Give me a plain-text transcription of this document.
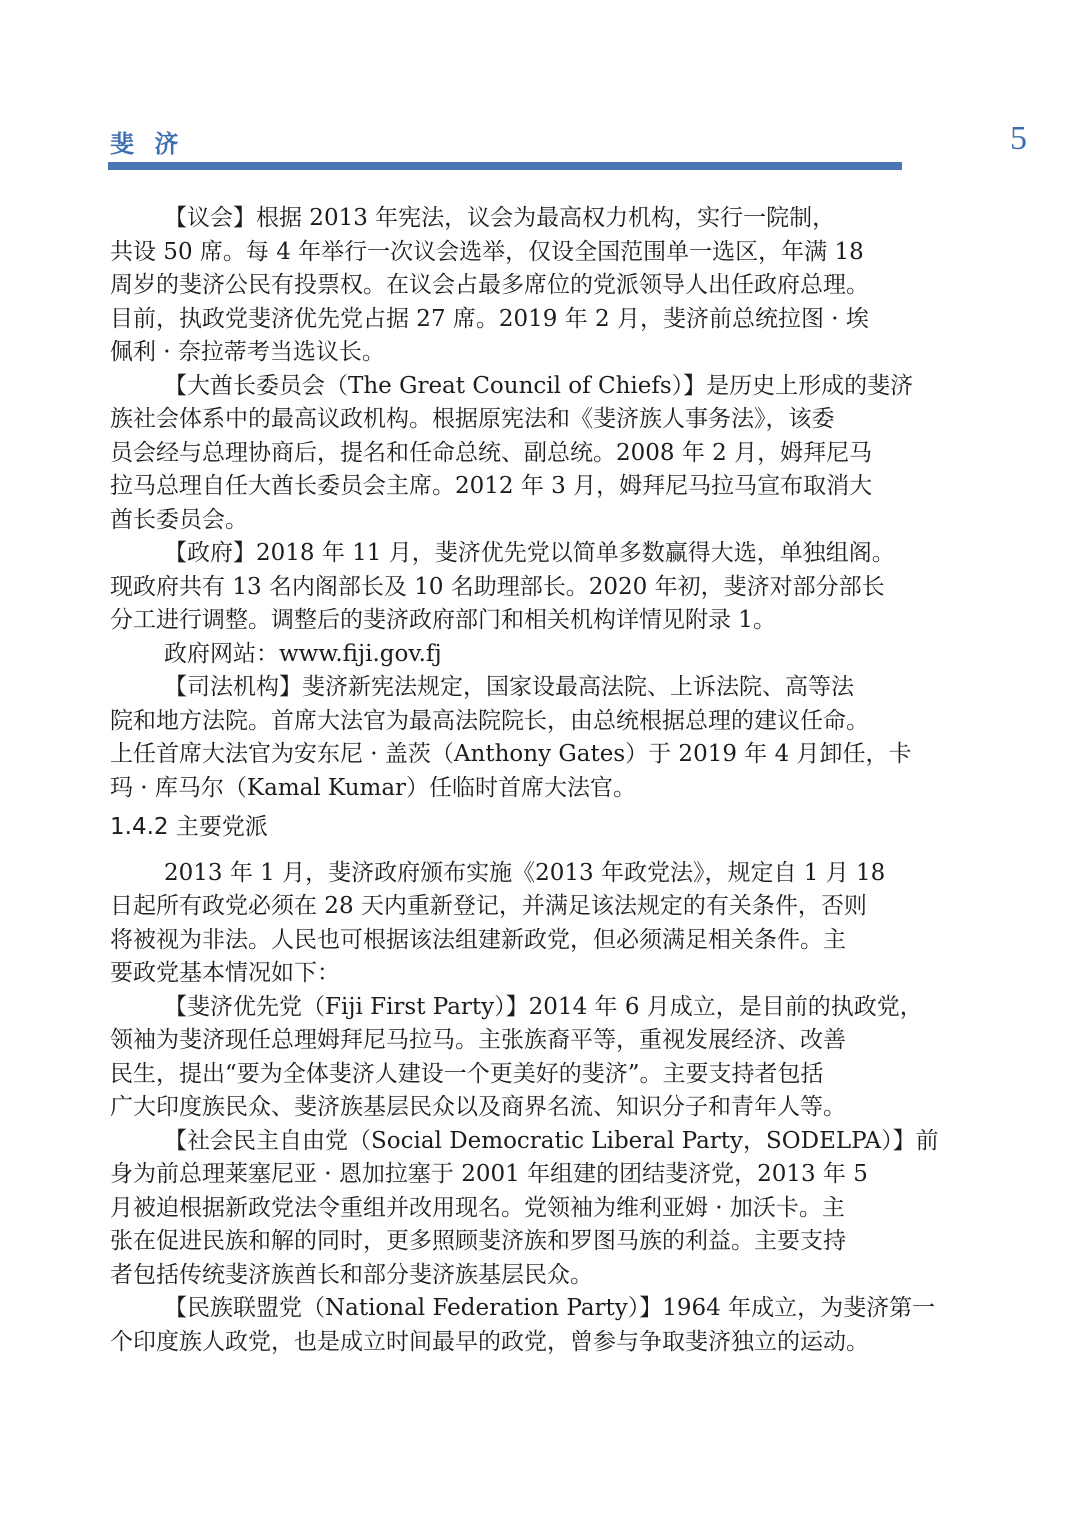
斐 济	5
【议会】根据 2013 年宪法，议会为最高权力机构，实行一院制，
共设 50 席。每 4 年举行一次议会选举，仅设全国范围单一选区，年满 18
周岁的斐济公民有投票权。在议会占最多席位的党派领导人出任政府总理。
目前，执政党斐济优先党占据 27 席。2019 年 2 月，斐济前总统拉图 · 埃
佩利 · 奈拉蒂考当选议长。
【大酋长委员会（The Great Council of Chiefs）】是历史上形成的斐济
族社会体系中的最高议政机构。根据原宪法和《斐济族人事务法》，该委
员会经与总理协商后，提名和任命总统、副总统。2008 年 2 月，姆拜尼马
拉马总理自任大酋长委员会主席。2012 年 3 月，姆拜尼马拉马宣布取消大
酋长委员会。
【政府】2018 年 11 月，斐济优先党以简单多数赢得大选，单独组阁。
现政府共有 13 名内阁部长及 10 名助理部长。2020 年初，斐济对部分部长
分工进行调整。调整后的斐济政府部门和相关机构详情见附录 1。
政府网站：www.fiji.gov.fj
【司法机构】斐济新宪法规定，国家设最高法院、上诉法院、高等法
院和地方法院。首席大法官为最高法院院长，由总统根据总理的建议任命。
上任首席大法官为安东尼 · 盖茨（Anthony Gates）于 2019 年 4 月卸任，卡
玛 · 库马尔（Kamal Kumar）任临时首席大法官。
1.4.2 主要党派
2013 年 1 月，斐济政府颁布实施《2013 年政党法》，规定自 1 月 18
日起所有政党必须在 28 天内重新登记，并满足该法规定的有关条件，否则
将被视为非法。人民也可根据该法组建新政党，但必须满足相关条件。主
要政党基本情况如下：
【斐济优先党（Fiji First Party）】2014 年 6 月成立，是目前的执政党，
领袖为斐济现任总理姆拜尼马拉马。主张族裔平等，重视发展经济、改善
民生，提出“要为全体斐济人建设一个更美好的斐济”。主要支持者包括
广大印度族民众、斐济族基层民众以及商界名流、知识分子和青年人等。
【社会民主自由党（Social Democratic Liberal Party，SODELPA）】前
身为前总理莱塞尼亚 · 恩加拉塞于 2001 年组建的团结斐济党，2013 年 5
月被迫根据新政党法令重组并改用现名。党领袖为维利亚姆 · 加沃卡。主
张在促进民族和解的同时，更多照顾斐济族和罗图马族的利益。主要支持
者包括传统斐济族酋长和部分斐济族基层民众。
【民族联盟党（National Federation Party）】1964 年成立，为斐济第一
个印度族人政党，也是成立时间最早的政党，曾参与争取斐济独立的运动。
